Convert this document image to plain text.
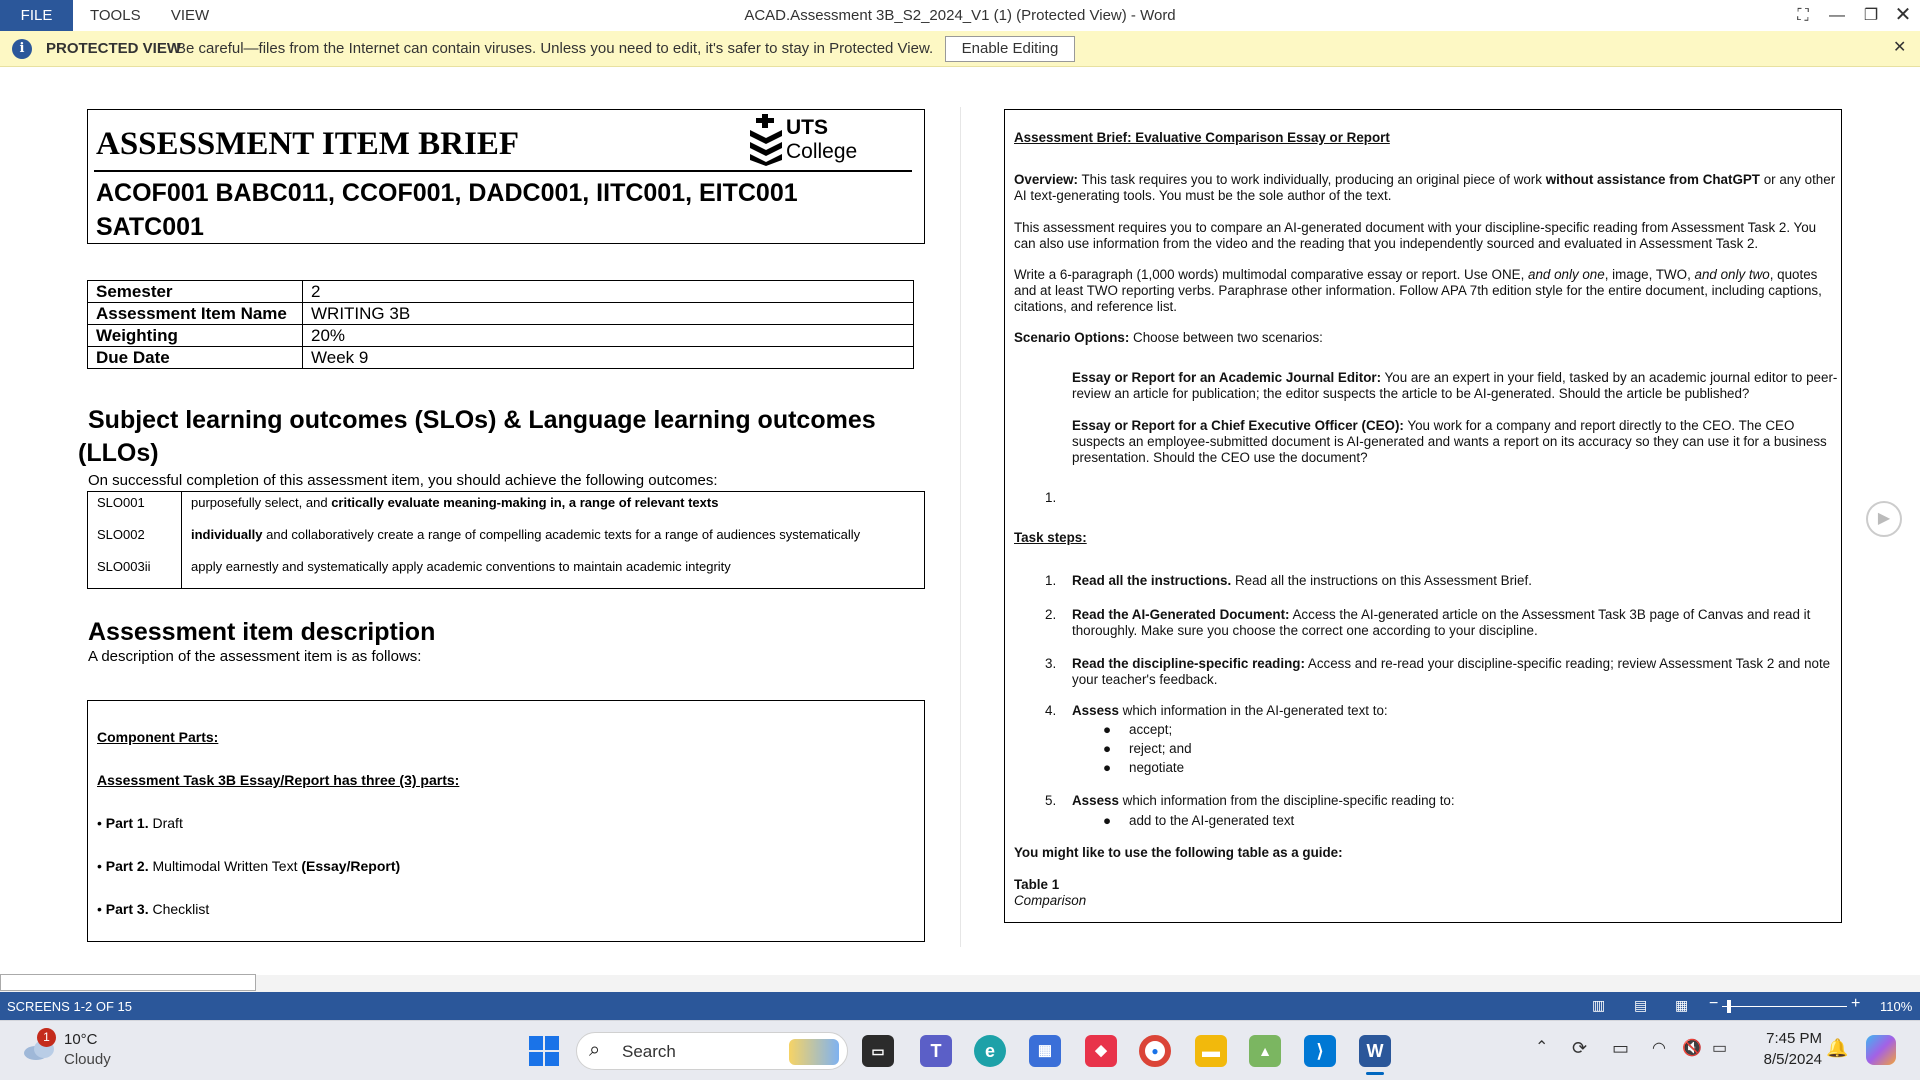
ACAD.Assessment 3B_S2_2024_V1 (1) (Protected View) - Word
FILE	TOOLS VIEW	⛶	—	❐ ✕
i	PROTECTED VIEW
Be careful—files from the Internet can contain viruses. Unless you need to edit, it's safer to stay in Protected View.	Enable Editing	✕
▶
ASSESSMENT ITEM BRIEF	UTS
College
ACOF001 BABC011, CCOF001, DADC001, IITC001, EITC001
SATC001
Semester	2
Assessment Item Name	WRITING 3B
Weighting	20%
Due Date	Week 9
Subject learning outcomes (SLOs) & Language learning outcomes
(LLOs)
On successful completion of this assessment item, you should achieve the following outcomes:
SLO001	purposefully select, and critically evaluate meaning-making in, a range of relevant texts
SLO002	individually and collaboratively create a range of compelling academic texts for a range of audiences systematically
SLO003ii	apply earnestly and systematically apply academic conventions to maintain academic integrity
Assessment item description
A description of the assessment item is as follows:
Component Parts:
Assessment Task 3B Essay/Report has three (3) parts:
• Part 1. Draft
• Part 2. Multimodal Written Text (Essay/Report)
• Part 3. Checklist
Assessment Brief: Evaluative Comparison Essay or Report
Overview: This task requires you to work individually, producing an original piece of work without assistance from ChatGPT or any other
AI text-generating tools. You must be the sole author of the text.
This assessment requires you to compare an AI-generated document with your discipline-specific reading from Assessment Task 2. You
can also use information from the video and the reading that you independently sourced and evaluated in Assessment Task 2.
Write a 6-paragraph (1,000 words) multimodal comparative essay or report. Use ONE, and only one, image, TWO, and only two, quotes
and at least TWO reporting verbs. Paraphrase other information. Follow APA 7th edition style for the entire document, including captions,
citations, and reference list.
Scenario Options: Choose between two scenarios:
Essay or Report for an Academic Journal Editor: You are an expert in your field, tasked by an academic journal editor to peer-
review an article for publication; the editor suspects the article to be AI-generated. Should the article be published?
Essay or Report for a Chief Executive Officer (CEO): You work for a company and report directly to the CEO. The CEO
suspects an employee-submitted document is AI-generated and wants a report on its accuracy so they can use it for a business
presentation. Should the CEO use the document?
1.
Task steps:
1. Read all the instructions. Read all the instructions on this Assessment Brief.
2. Read the AI-Generated Document: Access the AI-generated article on the Assessment Task 3B page of Canvas and read it
thoroughly. Make sure you choose the correct one according to your discipline.
3. Read the discipline-specific reading: Access and re-read your discipline-specific reading; review Assessment Task 2 and note
your teacher's feedback.
4. Assess which information in the AI-generated text to:
● accept;
● reject; and
● negotiate
5. Assess which information from the discipline-specific reading to:
● add to the AI-generated text
You might like to use the following table as a guide:
Table 1
Comparison
SCREENS 1-2 OF 15	▥ ▤ ▦ −	+ 110%
1 10°C
Cloudy	⌕ Search	▭	T	e	▦	◆	●	▬	▲	⟩	W	⌃ ⟳ ▭ ◠ 🔇 ▭
7:45 PM
8/5/2024
🔔
